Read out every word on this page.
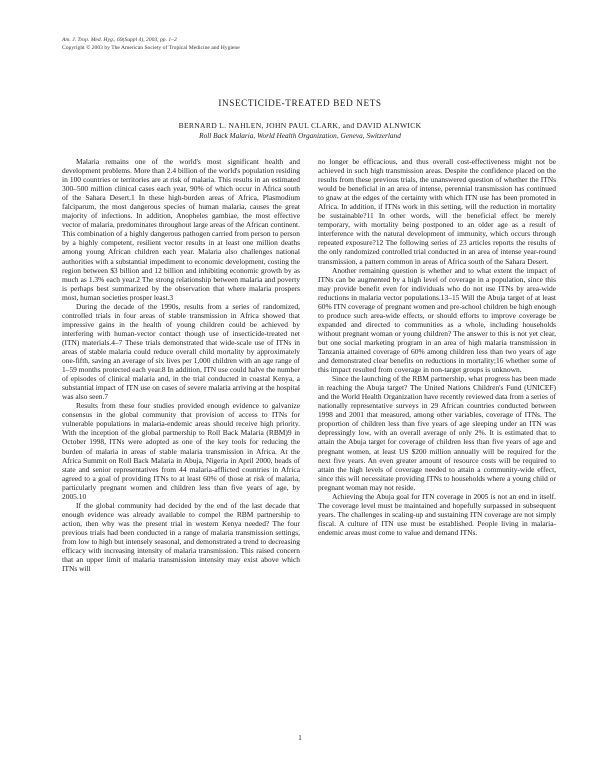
Am. J. Trop. Med. Hyg., 69(Suppl 4), 2003, pp. 1–2
Copyright © 2003 by The American Society of Tropical Medicine and Hygiene
INSECTICIDE-TREATED BED NETS
BERNARD L. NAHLEN, JOHN PAUL CLARK, and DAVID ALNWICK
Roll Back Malaria, World Health Organization, Geneva, Switzerland

Malaria remains one of the world's most significant health and development problems. More than 2.4 billion of the world's population residing in 100 countries or territories are at risk of malaria. This results in an estimated 300–500 million clinical cases each year, 90% of which occur in Africa south of the Sahara Desert.1 In these high-burden areas of Africa, Plasmodium falciparum, the most dangerous species of human malaria, causes the great majority of infections. In addition, Anopheles gambiae, the most effective vector of malaria, predominates throughout large areas of the African continent. This combination of a highly dangerous pathogen carried from person to person by a highly competent, resilient vector results in at least one million deaths among young African children each year. Malaria also challenges national authorities with a substantial impediment to economic development, costing the region between $3 billion and 12 billion and inhibiting economic growth by as much as 1.3% each year.2 The strong relationship between malaria and poverty is perhaps best summarized by the observation that where malaria prospers most, human societies prosper least.3

During the decade of the 1990s, results from a series of randomized, controlled trials in four areas of stable transmission in Africa showed that impressive gains in the health of young children could be achieved by interfering with human-vector contact though use of insecticide-treated net (ITN) materials.4–7 These trials demonstrated that wide-scale use of ITNs in areas of stable malaria could reduce overall child mortality by approximately one-fifth, saving an average of six lives per 1,000 children with an age range of 1–59 months protected each year.8 In addition, ITN use could halve the number of episodes of clinical malaria and, in the trial conducted in coastal Kenya, a substantial impact of ITN use on cases of severe malaria arriving at the hospital was also seen.7

Results from these four studies provided enough evidence to galvanize consensus in the global community that provision of access to ITNs for vulnerable populations in malaria-endemic areas should receive high priority. With the inception of the global partnership to Roll Back Malaria (RBM)9 in October 1998, ITNs were adopted as one of the key tools for reducing the burden of malaria in areas of stable malaria transmission in Africa. At the Africa Summit on Roll Back Malaria in Abuja, Nigeria in April 2000, heads of state and senior representatives from 44 malaria-afflicted countries in Africa agreed to a goal of providing ITNs to at least 60% of those at risk of malaria, particularly pregnant women and children less than five years of age, by 2005.10

If the global community had decided by the end of the last decade that enough evidence was already available to compel the RBM partnership to action, then why was the present trial in western Kenya needed? The four previous trials had been conducted in a range of malaria transmission settings, from low to high but intensely seasonal, and demonstrated a trend to decreasing efficacy with increasing intensity of malaria transmission. This raised concern that an upper limit of malaria transmission intensity may exist above which ITNs will

no longer be efficacious, and thus overall cost-effectiveness might not be achieved in such high transmission areas. Despite the confidence placed on the results from these previous trials, the unanswered question of whether the ITNs would be beneficial in an area of intense, perennial transmission has continued to gnaw at the edges of the certainty with which ITN use has been promoted in Africa. In addition, if ITNs work in this setting, will the reduction in mortality be sustainable?11 In other words, will the beneficial effect be merely temporary, with mortality being postponed to an older age as a result of interference with the natural development of immunity, which occurs through repeated exposure?12 The following series of 23 articles reports the results of the only randomized controlled trial conducted in an area of intense year-round transmission, a pattern common in areas of Africa south of the Sahara Desert.

Another remaining question is whether and to what extent the impact of ITNs can be augmented by a high level of coverage in a population, since this may provide benefit even for individuals who do not use ITNs by area-wide reductions in malaria vector populations.13–15 Will the Abuja target of at least 60% ITN coverage of pregnant women and pre-school children be high enough to produce such area-wide effects, or should efforts to improve coverage be expanded and directed to communities as a whole, including households without pregnant woman or young children? The answer to this is not yet clear, but one social marketing program in an area of high malaria transmission in Tanzania attained coverage of 60% among children less than two years of age and demonstrated clear benefits on reductions in mortality;16 whether some of this impact resulted from coverage in non-target groups is unknown.

Since the launching of the RBM partnership, what progress has been made in reaching the Abuja target? The United Nations Children's Fund (UNICEF) and the World Health Organization have recently reviewed data from a series of nationally representative surveys in 29 African countries conducted between 1998 and 2001 that measured, among other variables, coverage of ITNs. The proportion of children less than five years of age sleeping under an ITN was depressingly low, with an overall average of only 2%. It is estimated that to attain the Abuja target for coverage of children less than five years of age and pregnant women, at least US $200 million annually will be required for the next five years. An even greater amount of resource costs will be required to attain the high levels of coverage needed to attain a community-wide effect, since this will necessitate providing ITNs to households where a young child or pregnant woman may not reside.

Achieving the Abuja goal for ITN coverage in 2005 is not an end in itself. The coverage level must be maintained and hopefully surpassed in subsequent years. The challenges in scaling-up and sustaining ITN coverage are not simply fiscal. A culture of ITN use must be established. People living in malaria-endemic areas must come to value and demand ITNs.

1
